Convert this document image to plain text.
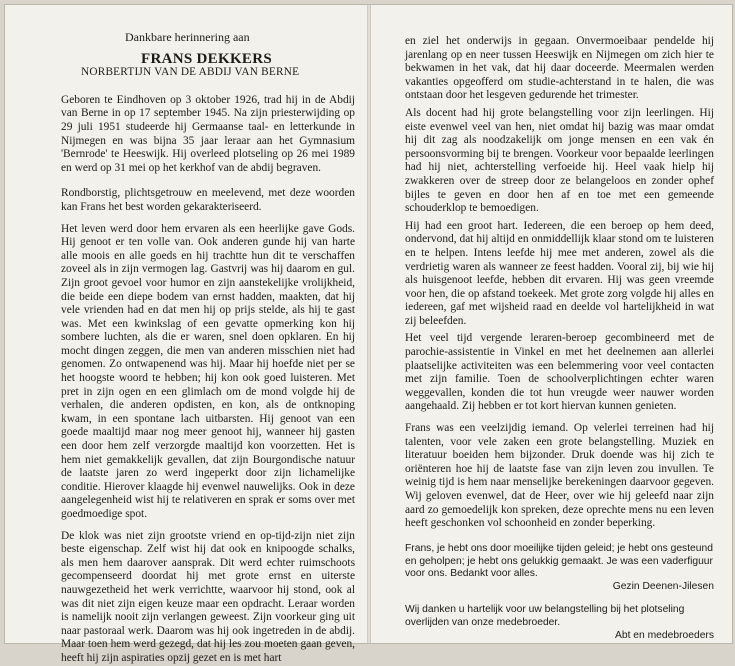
Dankbare herinnering aan

FRANS DEKKERS

NORBERTIJN VAN DE ABDIJ VAN BERNE

Geboren te Eindhoven op 3 oktober 1926, trad hij in de Abdij van Berne in op 17 september 1945. Na zijn priesterwijding op 29 juli 1951 studeerde hij Germaanse taal- en letterkunde in Nijmegen en was bijna 35 jaar leraar aan het Gymnasium 'Bernrode' te Heeswijk. Hij overleed plotseling op 26 mei 1989 en werd op 31 mei op het kerkhof van de abdij begraven.

Rondborstig, plichtsgetrouw en meelevend, met deze woorden kan Frans het best worden gekarakteriseerd.

Het leven werd door hem ervaren als een heerlijke gave Gods. Hij genoot er ten volle van. Ook anderen gunde hij van harte alle moois en alle goeds en hij trachtte hun dit te verschaffen zoveel als in zijn vermogen lag. Gastvrij was hij daarom en gul. Zijn groot gevoel voor humor en zijn aanstekelijke vrolijkheid, die beide een diepe bodem van ernst hadden, maakten, dat hij vele vrienden had en dat men hij op prijs stelde, als hij te gast was. Met een kwinkslag of een gevatte opmerking kon hij sombere luchten, als die er waren, snel doen opklaren. En hij mocht dingen zeggen, die men van anderen misschien niet had genomen. Zo ontwapenend was hij. Maar hij hoefde niet per se het hoogste woord te hebben; hij kon ook goed luisteren. Met pret in zijn ogen en een glimlach om de mond volgde hij de verhalen, die anderen opdisten, en kon, als de ontknoping kwam, in een spontane lach uitbarsten. Hij genoot van een goede maaltijd maar nog meer genoot hij, wanneer hij gasten een door hem zelf verzorgde maaltijd kon voorzetten. Het is hem niet gemakkelijk gevallen, dat zijn Bourgondische natuur de laatste jaren zo werd ingeperkt door zijn lichamelijke conditie. Hierover klaagde hij evenwel nauwelijks. Ook in deze aangelegenheid wist hij te relativeren en sprak er soms over met goedmoedige spot.

De klok was niet zijn grootste vriend en op-tijd-zijn niet zijn beste eigenschap. Zelf wist hij dat ook en knipoogde schalks, als men hem daarover aansprak. Dit werd echter ruimschoots gecompenseerd doordat hij met grote ernst en uiterste nauwgezetheid het werk verrichtte, waarvoor hij stond, ook al was dit niet zijn eigen keuze maar een opdracht. Leraar worden is namelijk nooit zijn verlangen geweest. Zijn voorkeur ging uit naar pastoraal werk. Daarom was hij ook ingetreden in de abdij. Maar toen hem werd gezegd, dat hij les zou moeten gaan geven, heeft hij zijn aspiraties opzij gezet en is met hart

en ziel het onderwijs in gegaan. Onvermoeibaar pendelde hij jarenlang op en neer tussen Heeswijk en Nijmegen om zich hier te bekwamen in het vak, dat hij daar doceerde. Meermalen werden vakanties opgeofferd om studie-achterstand in te halen, die was ontstaan door het lesgeven gedurende het trimester.

Als docent had hij grote belangstelling voor zijn leerlingen. Hij eiste evenwel veel van hen, niet omdat hij bazig was maar omdat hij dit zag als noodzakelijk om jonge mensen en een vak én persoonsvorming bij te brengen. Voorkeur voor bepaalde leerlingen had hij niet, achterstelling verfoeide hij. Heel vaak hielp hij zwakkeren over de streep door ze belangeloos en zonder ophef bijles te geven en door hen af en toe met een gemeende schouderklop te bemoedigen.

Hij had een groot hart. Iedereen, die een beroep op hem deed, ondervond, dat hij altijd en onmiddellijk klaar stond om te luisteren en te helpen. Intens leefde hij mee met anderen, zowel als die verdrietig waren als wanneer ze feest hadden. Vooral zij, bij wie hij als huisgenoot leefde, hebben dit ervaren. Hij was geen vreemde voor hen, die op afstand toekeek. Met grote zorg volgde hij alles en iedereen, gaf met wijsheid raad en deelde vol hartelijkheid in wat zij beleefden.

Het veel tijd vergende leraren-beroep gecombineerd met de parochie-assistentie in Vinkel en met het deelnemen aan allerlei plaatselijke activiteiten was een belemmering voor veel contacten met zijn familie. Toen de schoolverplichtingen echter waren weggevallen, konden die tot hun vreugde weer nauwer worden aangehaald. Zij hebben er tot kort hiervan kunnen genieten.

Frans was een veelzijdig iemand. Op velerlei terreinen had hij talenten, voor vele zaken een grote belangstelling. Muziek en literatuur boeiden hem bijzonder. Druk doende was hij zich te oriënteren hoe hij de laatste fase van zijn leven zou invullen. Te weinig tijd is hem naar menselijke berekeningen daarvoor gegeven. Wij geloven evenwel, dat de Heer, over wie hij geleefd naar zijn aard zo gemoedelijk kon spreken, deze oprechte mens nu een leven heeft geschonken vol schoonheid en zonder beperking.

Frans, je hebt ons door moeilijke tijden geleid; je hebt ons gesteund en geholpen; je hebt ons gelukkig gemaakt. Je was een vaderfiguur voor ons. Bedankt voor alles.

Gezin Deenen-Jilesen

Wij danken u hartelijk voor uw belangstelling bij het plotseling overlijden van onze medebroeder.

Abt en medebroeders
